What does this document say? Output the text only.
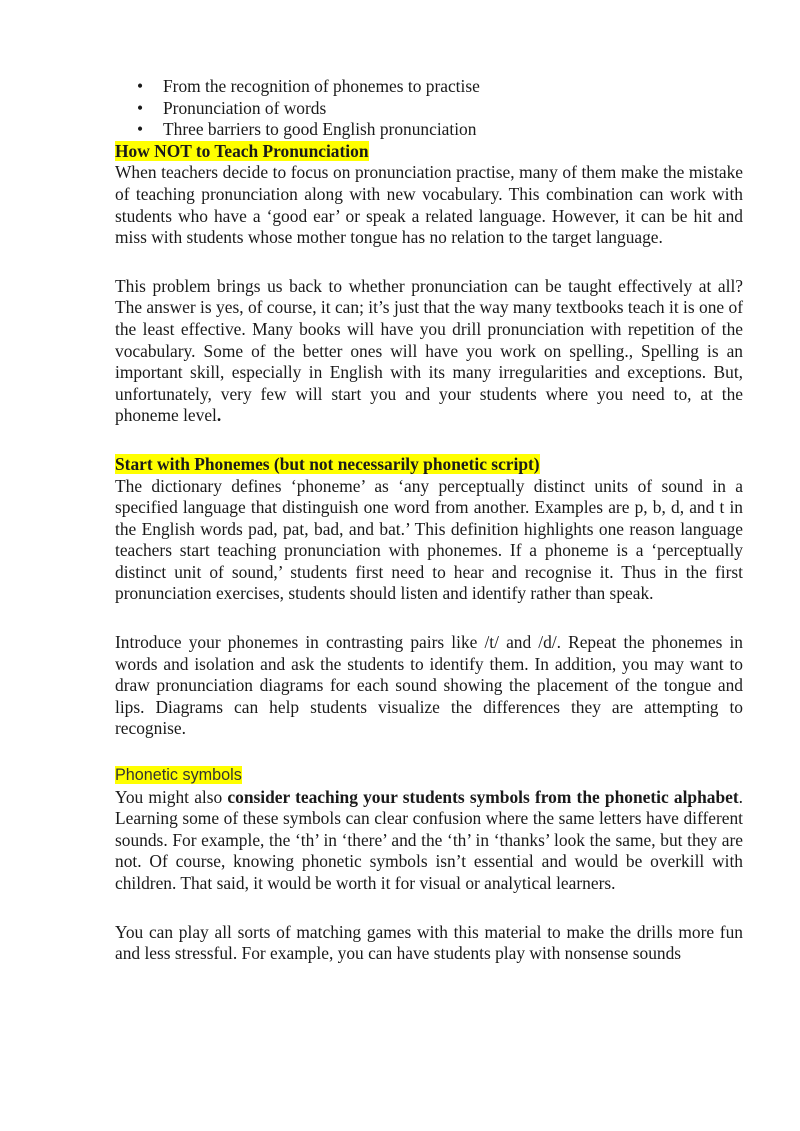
• From the recognition of phonemes to practise
• Pronunciation of words
• Three barriers to good English pronunciation
How NOT to Teach Pronunciation

When teachers decide to focus on pronunciation practise, many of them make the mistake of teaching pronunciation along with new vocabulary. This combination can work with students who have a ‘good ear’ or speak a related language. However, it can be hit and miss with students whose mother tongue has no relation to the target language.

This problem brings us back to whether pronunciation can be taught effectively at all? The answer is yes, of course, it can; it’s just that the way many textbooks teach it is one of the least effective. Many books will have you drill pronunciation with repetition of the vocabulary. Some of the better ones will have you work on spelling., Spelling is an important skill, especially in English with its many irregularities and exceptions. But, unfortunately, very few will start you and your students where you need to, at the phoneme level.

Start with Phonemes (but not necessarily phonetic script)

The dictionary defines ‘phoneme’ as ‘any perceptually distinct units of sound in a specified language that distinguish one word from another. Examples are p, b, d, and t in the English words pad, pat, bad, and bat.’ This definition highlights one reason language teachers start teaching pronunciation with phonemes. If a phoneme is a ‘perceptually distinct unit of sound,’ students first need to hear and recognise it. Thus in the first pronunciation exercises, students should listen and identify rather than speak.

Introduce your phonemes in contrasting pairs like /t/ and /d/. Repeat the phonemes in words and isolation and ask the students to identify them. In addition, you may want to draw pronunciation diagrams for each sound showing the placement of the tongue and lips. Diagrams can help students visualize the differences they are attempting to recognise.

Phonetic symbols

You might also consider teaching your students symbols from the phonetic alphabet. Learning some of these symbols can clear confusion where the same letters have different sounds. For example, the ‘th’ in ‘there’ and the ‘th’ in ‘thanks’ look the same, but they are not. Of course, knowing phonetic symbols isn’t essential and would be overkill with children. That said, it would be worth it for visual or analytical learners.

You can play all sorts of matching games with this material to make the drills more fun and less stressful. For example, you can have students play with nonsense sounds
